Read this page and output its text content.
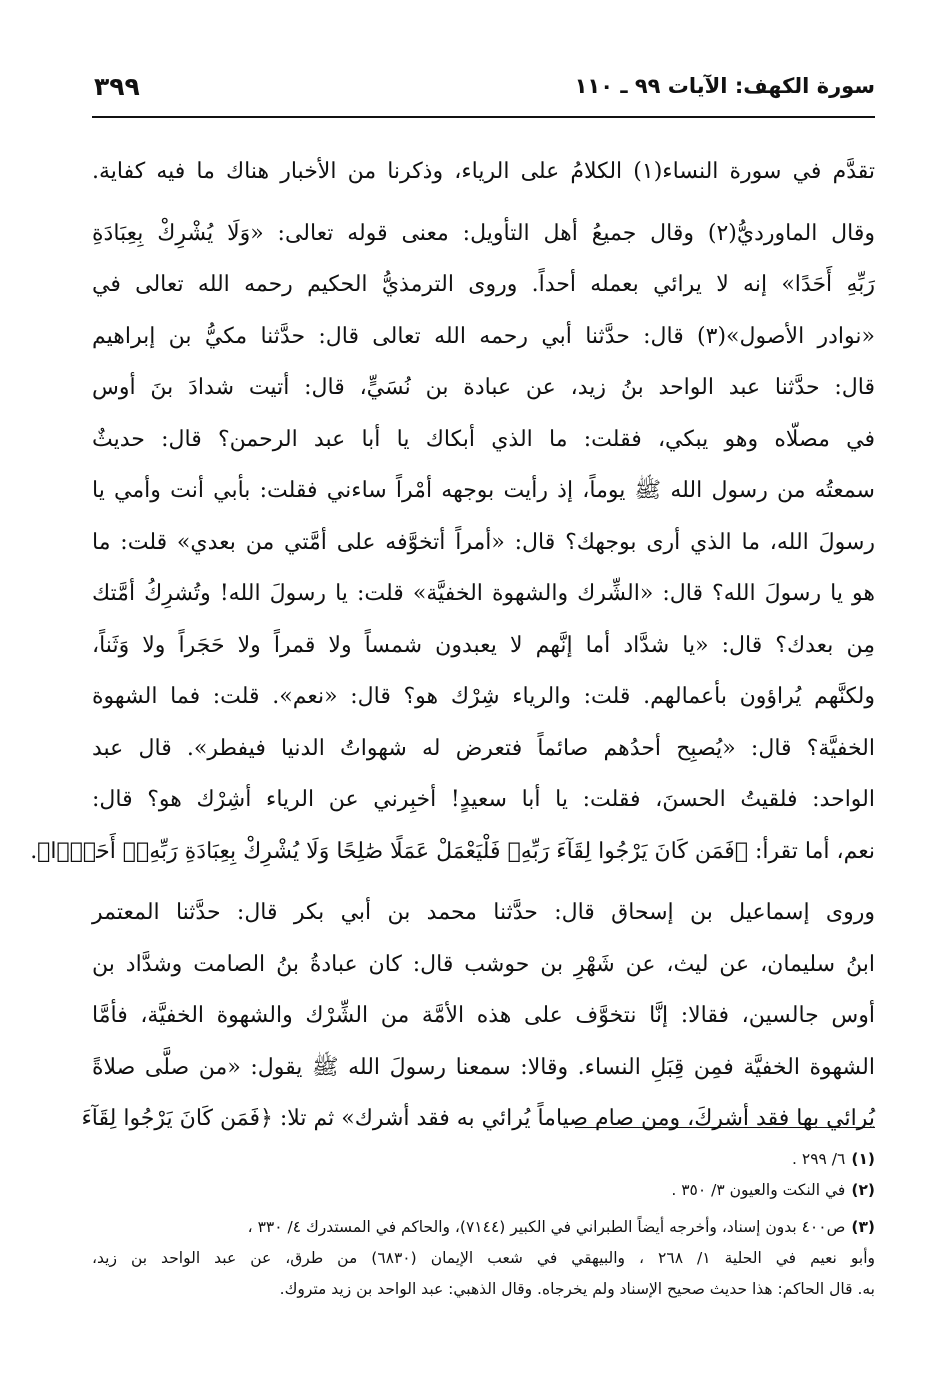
سورة الكهف: الآيات ٩٩ ـ ١١٠
٣٩٩
تقدَّم في سورة النساء(١) الكلامُ على الرياء، وذكرنا من الأخبار هناك ما فيه كفاية.
وقال الماورديُّ(٢) وقال جميعُ أهل التأويل: معنى قوله تعالى: «وَلَا يُشْرِكْ بِعِبَادَةِ
رَبِّهِ أَحَدًا» إنه لا يرائي بعمله أحداً. وروى الترمذيُّ الحكيم رحمه الله تعالى في
«نوادر الأصول»(٣) قال: حدَّثنا أبي رحمه الله تعالى قال: حدَّثنا مكيُّ بن إبراهيم
قال: حدَّثنا عبد الواحد بنُ زيد، عن عبادة بن نُسَيٍّ، قال: أتيت شدادَ بنَ أوس
في مصلّاه وهو يبكي، فقلت: ما الذي أبكاك يا أبا عبد الرحمن؟ قال: حديثٌ
سمعتُه من رسول الله ﷺ يوماً، إذ رأيت بوجهه أمْراً ساءني فقلت: بأبي أنت وأمي يا
رسولَ الله، ما الذي أرى بوجهك؟ قال: «أمراً أتخوَّفه على أمَّتي من بعدي» قلت: ما
هو يا رسولَ الله؟ قال: «الشِّرك والشهوة الخفيَّة» قلت: يا رسولَ الله! وتُشرِكُ أمَّتك
مِن بعدك؟ قال: «يا شدَّاد أما إنَّهم لا يعبدون شمساً ولا قمراً ولا حَجَراً ولا وَثَناً،
ولكنَّهم يُراؤون بأعمالهم. قلت: والرياء شِرْك هو؟ قال: «نعم». قلت: فما الشهوة
الخفيَّة؟ قال: «يُصبِح أحدُهم صائماً فتعرض له شهواتُ الدنيا فيفطر». قال عبد
الواحد: فلقيتُ الحسنَ، فقلت: يا أبا سعيدٍ! أخبِرني عن الرياء أشِرْك هو؟ قال:
نعم، أما تقرأ: ﴿فَمَن كَانَ يَرْجُوا لِقَآءَ رَبِّهِۦ فَلْيَعْمَلْ عَمَلًا صَٰلِحًا وَلَا يُشْرِكْ بِعِبَادَةِ رَبِّهِۦٓ أَحَدًۢا﴾.
وروى إسماعيل بن إسحاق قال: حدَّثنا محمد بن أبي بكر قال: حدَّثنا المعتمر
ابنُ سليمان، عن ليث، عن شَهْرِ بن حوشب قال: كان عبادةُ بنُ الصامت وشدَّاد بن
أوس جالسين، فقالا: إنَّا نتخوَّف على هذه الأمَّة من الشِّرْك والشهوة الخفيَّة، فأمَّا
الشهوة الخفيَّة فمِن قِبَلِ النساء. وقالا: سمعنا رسولَ الله ﷺ يقول: «من صلَّى صلاةً
يُرائي بها فقد أشركَ، ومن صام صياماً يُرائي به فقد أشرك» ثم تلا: ﴿فَمَن كَانَ يَرْجُوا لِقَآءَ
(١)٦/ ٢٩٩ .
(٢)في النكت والعيون ٣/ ٣٥٠ .
(٣)ص٤٠٠ بدون إسناد، وأخرجه أيضاً الطبراني في الكبير (٧١٤٤)، والحاكم في المستدرك ٤/ ٣٣٠ ،
وأبو نعيم في الحلية ١/ ٢٦٨ ، والبيهقي في شعب الإيمان (٦٨٣٠) من طرق، عن عبد الواحد بن زيد،
به. قال الحاكم: هذا حديث صحيح الإسناد ولم يخرجاه. وقال الذهبي: عبد الواحد بن زيد متروك.
